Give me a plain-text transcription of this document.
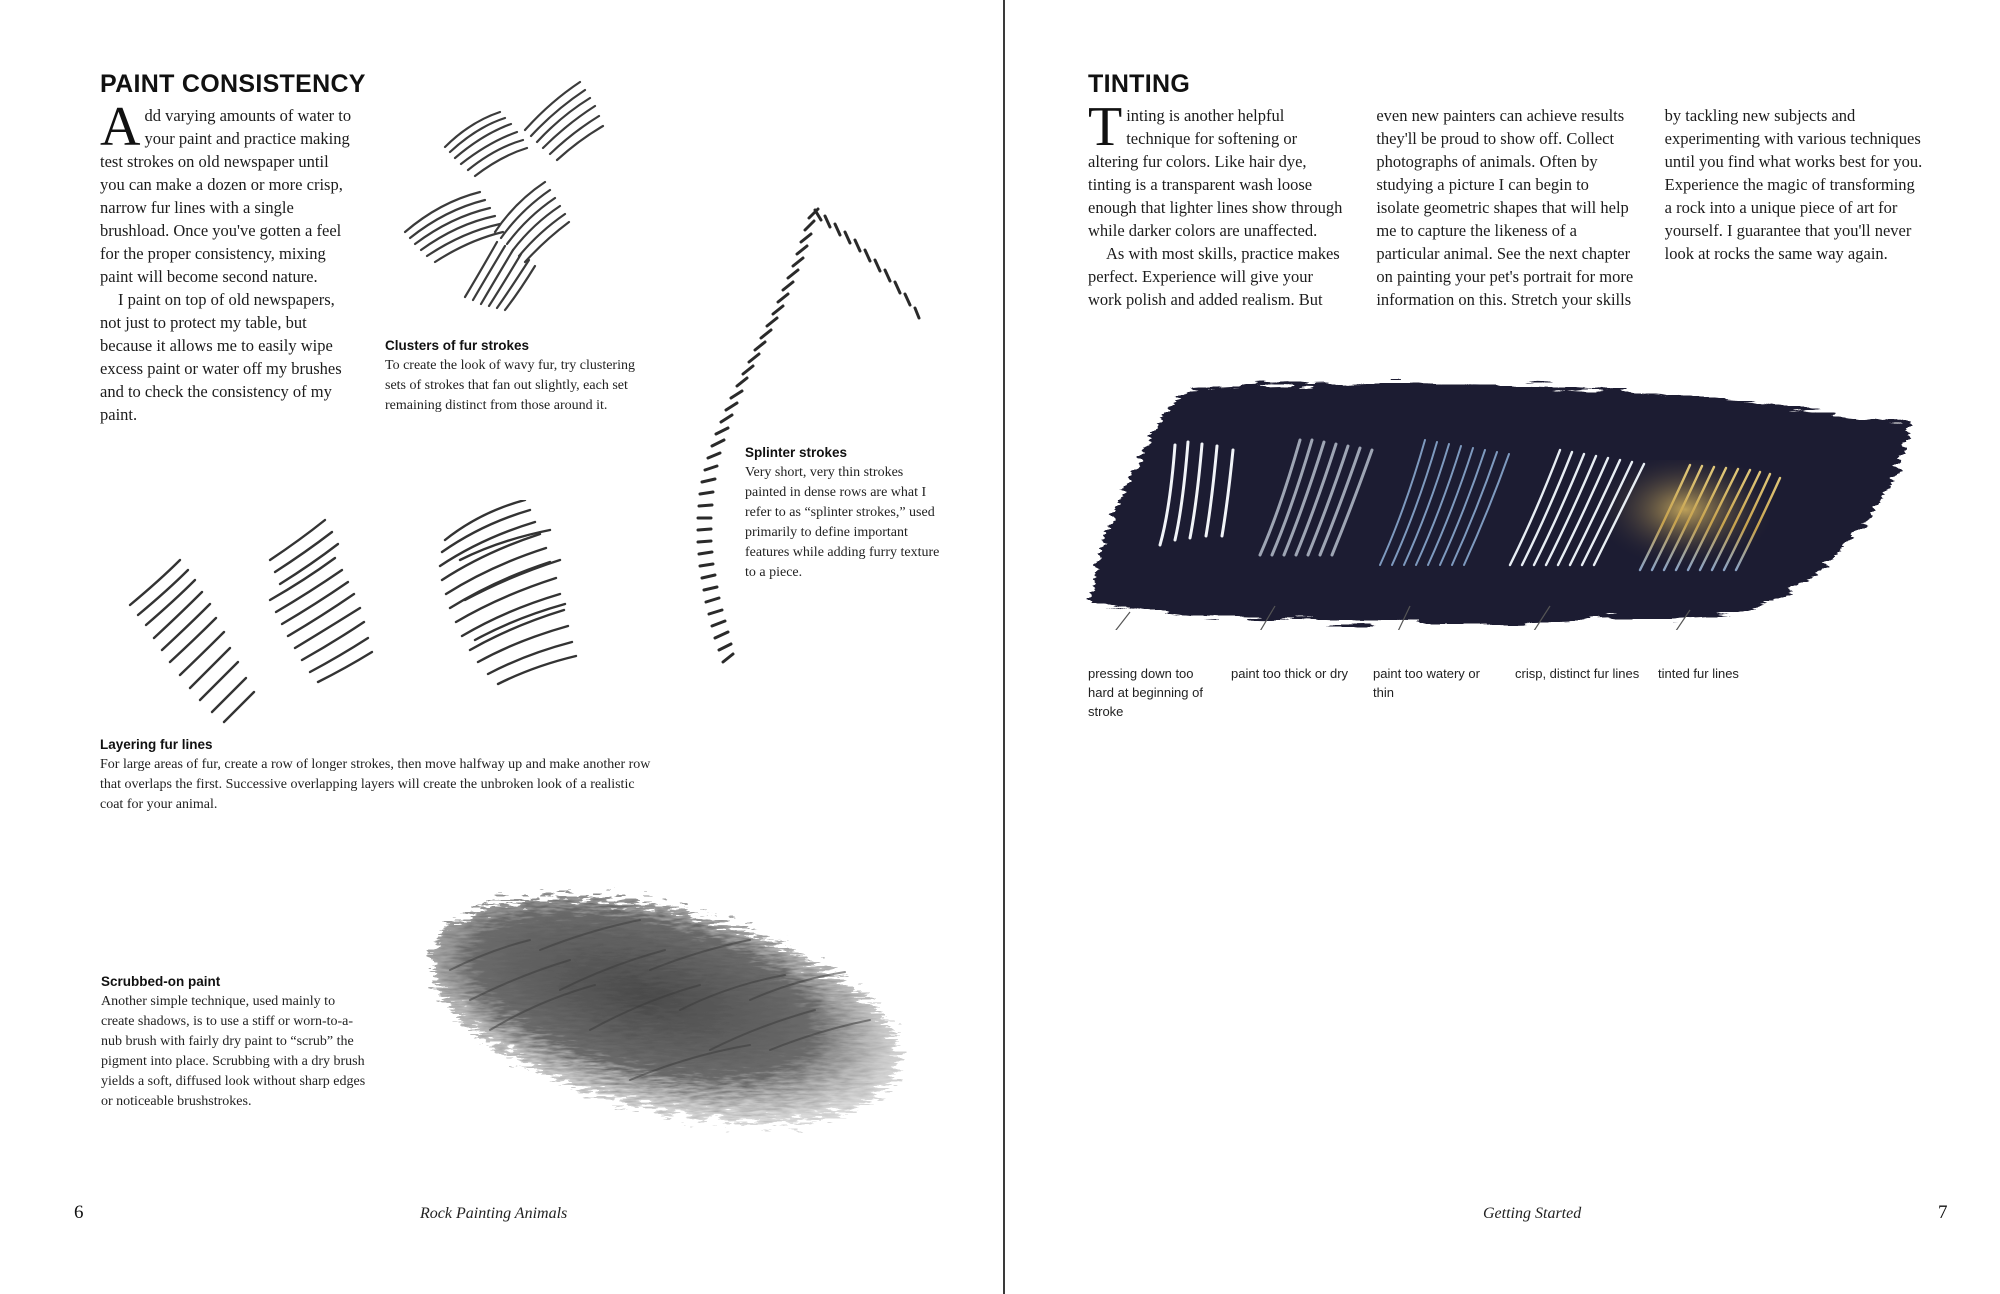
PAINT CONSISTENCY

Add varying amounts of water to your paint and practice making test strokes on old newspaper until you can make a dozen or more crisp, narrow fur lines with a single brushload. Once you've gotten a feel for the proper consistency, mixing paint will become second nature.

I paint on top of old newspapers, not just to protect my table, but because it allows me to easily wipe excess paint or water off my brushes and to check the consistency of my paint.

Clusters of fur strokes
To create the look of wavy fur, try clustering sets of strokes that fan out slightly, each set remaining distinct from those around it.
Splinter strokes
Very short, very thin strokes painted in dense rows are what I refer to as “splinter strokes,” used primarily to define important features while adding furry texture to a piece.
Layering fur lines
For large areas of fur, create a row of longer strokes, then move halfway up and make another row that overlaps the first. Successive overlapping layers will create the unbroken look of a realistic coat for your animal.
Scrubbed-on paint
Another simple technique, used mainly to create shadows, is to use a stiff or worn-to-a-nub brush with fairly dry paint to “scrub” the pigment into place. Scrubbing with a dry brush yields a soft, diffused look without sharp edges or noticeable brushstrokes.

6	Rock Painting Animals

TINTING

Tinting is another helpful technique for softening or altering fur colors. Like hair dye, tinting is a transparent wash loose enough that lighter lines show through while darker colors are unaffected.

As with most skills, practice makes perfect. Experience will give your work polish and added realism. But even new painters can achieve results they'll be proud to show off. Collect photographs of animals. Often by studying a picture I can begin to isolate geometric shapes that will help me to capture the likeness of a particular animal. See the next chapter on painting your pet's portrait for more information on this. Stretch your skills by tackling new subjects and experimenting with various techniques until you find what works best for you. Experience the magic of transforming a rock into a unique piece of art for yourself. I guarantee that you'll never look at rocks the same way again.

pressing down too hard at beginning of stroke

paint too thick or dry	paint too watery or thin

crisp, distinct fur lines	tinted fur lines

Getting Started	7
